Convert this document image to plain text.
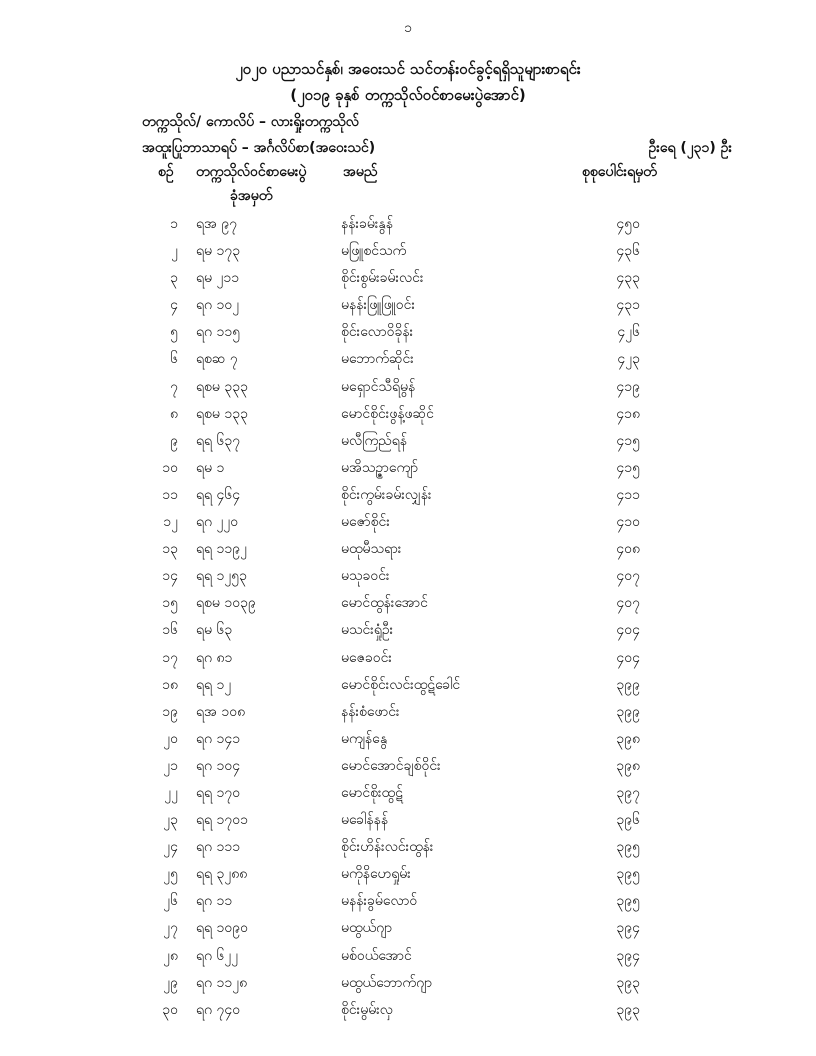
၁
၂၀၂၀ ပညာသင်နှစ်၊ အဝေးသင် သင်တန်းဝင်ခွင့်ရရှိသူများစာရင်း
(၂၀၁၉ ခုနှစ် တက္ကသိုလ်ဝင်စာမေးပွဲအောင်)
တက္ကသိုလ်/ ကောလိပ် – လားရှိုးတက္ကသိုလ်
အထူးပြုဘာသာရပ် – အင်္ဂလိပ်စာ(အဝေးသင်)	ဦးရေ (၂၃၁) ဦး
စဉ် တက္ကသိုလ်ဝင်စာမေးပွဲ
ခုံအမှတ်
အမည်	စုစုပေါင်းရမှတ်
၁ ရအ ၉၇	နန်းခမ်းနွန်	၄၅၀
၂ ရမ ၁၇၃	မဖြူစင်သက်	၄၃၆
၃ ရမ ၂၁၁	စိုင်းစွမ်းခမ်းလင်း	၄၃၃
၄ ရဂ ၁၀၂	မနန်းဖြူဖြူဝင်း	၄၃၁
၅ ရဂ ၁၁၅	စိုင်းလောဝိခိုန်း	၄၂၆
၆ ရစဆ ၇	မဘောက်ဆိုင်း	၄၂၃
၇ ရစမ ၃၃၃	မရှောင်သီရိမွန်	၄၁၉
၈ ရစမ ၁၃၃	မောင်စိုင်းဖွန့်ဖဆိုင်	၄၁၈
၉ ရရ ၆၃၇	မလီကြည်ရန်	၄၁၅
၁၀ ရမ ၁	မအိသဉ္ဇာကျော်	၄၁၅
၁၁ ရရ ၄၆၄	စိုင်းကွမ်းခမ်းလျှန်း	၄၁၁
၁၂ ရဂ ၂၂၀	မဇော်စိုင်း	၄၁၀
၁၃ ရရ ၁၁၉၂	မထုမီသရား	၄၀၈
၁၄ ရရ ၁၂၅၃	မသုခဝင်း	၄၀၇
၁၅ ရစမ ၁၀၃၉	မောင်ထွန်းအောင်	၄၀၇
၁၆ ရမ ၆၃	မသင်းရှုံဦး	၄၀၄
၁၇ ရဂ ၈၁	မဇေခဝင်း	၄၀၄
၁၈ ရရ ၁၂	မောင်စိုင်းလင်းထွဋ်ခေါင်	၃၉၉
၁၉ ရအ ၁၀၈	နန်းစံဖောင်း	၃၉၉
၂၀ ရဂ ၁၄၁	မကျန်နွေ	၃၉၈
၂၁ ရဂ ၁၀၄	မောင်အောင်ချစ်ဝိုင်း	၃၉၈
၂၂ ရရ ၁၇၀	မောင်စိုးထွဋ်	၃၉၇
၂၃ ရရ ၁၇၀၁	မခေါန်နန်	၃၉၆
၂၄ ရဂ ၁၁၁	စိုင်းဟိန်းလင်းထွန်း	၃၉၅
၂၅ ရရ ၃၂၈၈	မကိုနိဟေရှုမ်း	၃၉၅
၂၆ ရဂ ၁၁	မနန်းခွမ်လောဝ်	၃၉၅
၂၇ ရရ ၁၀၉၀	မထွယ်ဂျာ	၃၉၄
၂၈ ရဂ ၆၂၂	မစ်ဝယ်အောင်	၃၉၄
၂၉ ရဂ ၁၁၂၈	မထွယ်ဘောက်ဂျာ	၃၉၃
၃၀ ရဂ ၇၄၀	စိုင်းမွမ်းလှ	၃၉၃
